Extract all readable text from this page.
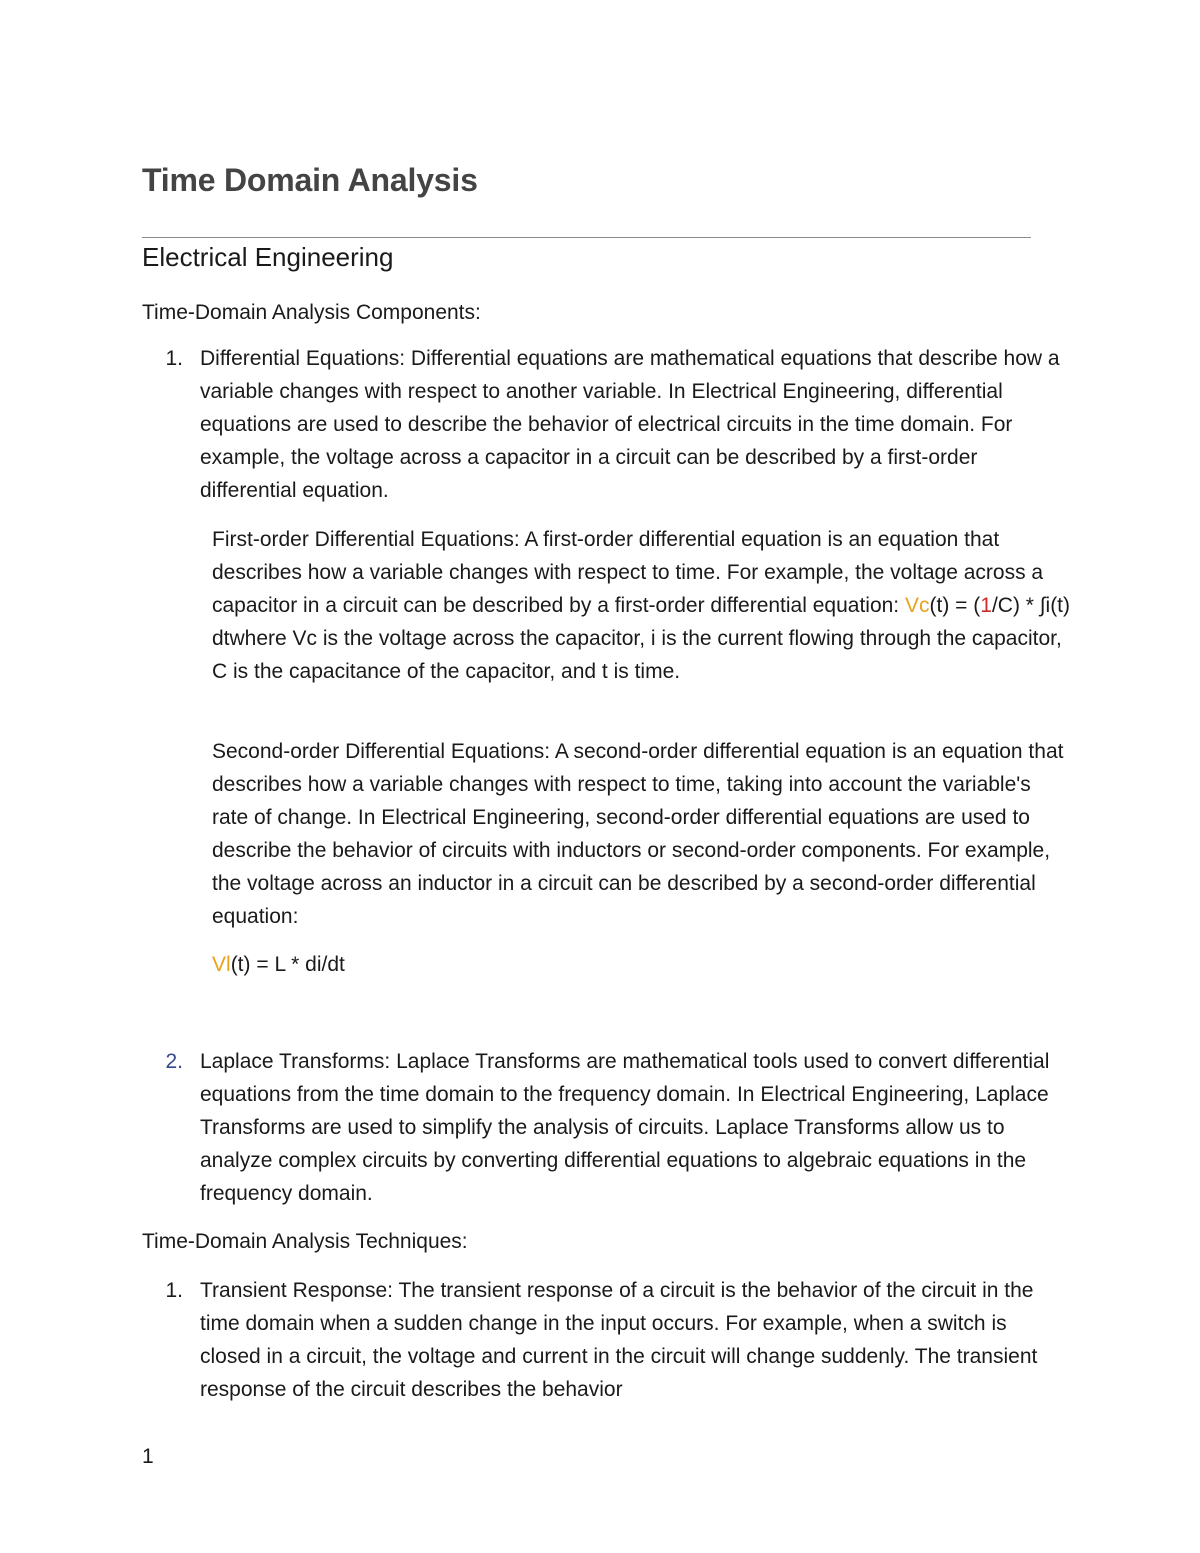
Time Domain Analysis
Electrical Engineering

Time-Domain Analysis Components:

1. Differential Equations: Differential equations are mathematical equations that describe how a variable changes with respect to another variable. In Electrical Engineering, differential equations are used to describe the behavior of electrical circuits in the time domain. For example, the voltage across a capacitor in a circuit can be described by a first-order differential equation.

First-order Differential Equations: A first-order differential equation is an equation that describes how a variable changes with respect to time. For example, the voltage across a capacitor in a circuit can be described by a first-order differential equation: Vc(t) = (1/C) * ∫i(t) dtwhere Vc is the voltage across the capacitor, i is the current flowing through the capacitor, C is the capacitance of the capacitor, and t is time.

Second-order Differential Equations: A second-order differential equation is an equation that describes how a variable changes with respect to time, taking into account the variable's rate of change. In Electrical Engineering, second-order differential equations are used to describe the behavior of circuits with inductors or second-order components. For example, the voltage across an inductor in a circuit can be described by a second-order differential equation:

Vl(t) = L * di/dt

2. Laplace Transforms: Laplace Transforms are mathematical tools used to convert differential equations from the time domain to the frequency domain. In Electrical Engineering, Laplace Transforms are used to simplify the analysis of circuits. Laplace Transforms allow us to analyze complex circuits by converting differential equations to algebraic equations in the frequency domain.

Time-Domain Analysis Techniques:

1. Transient Response: The transient response of a circuit is the behavior of the circuit in the time domain when a sudden change in the input occurs. For example, when a switch is closed in a circuit, the voltage and current in the circuit will change suddenly. The transient response of the circuit describes the behavior

1
